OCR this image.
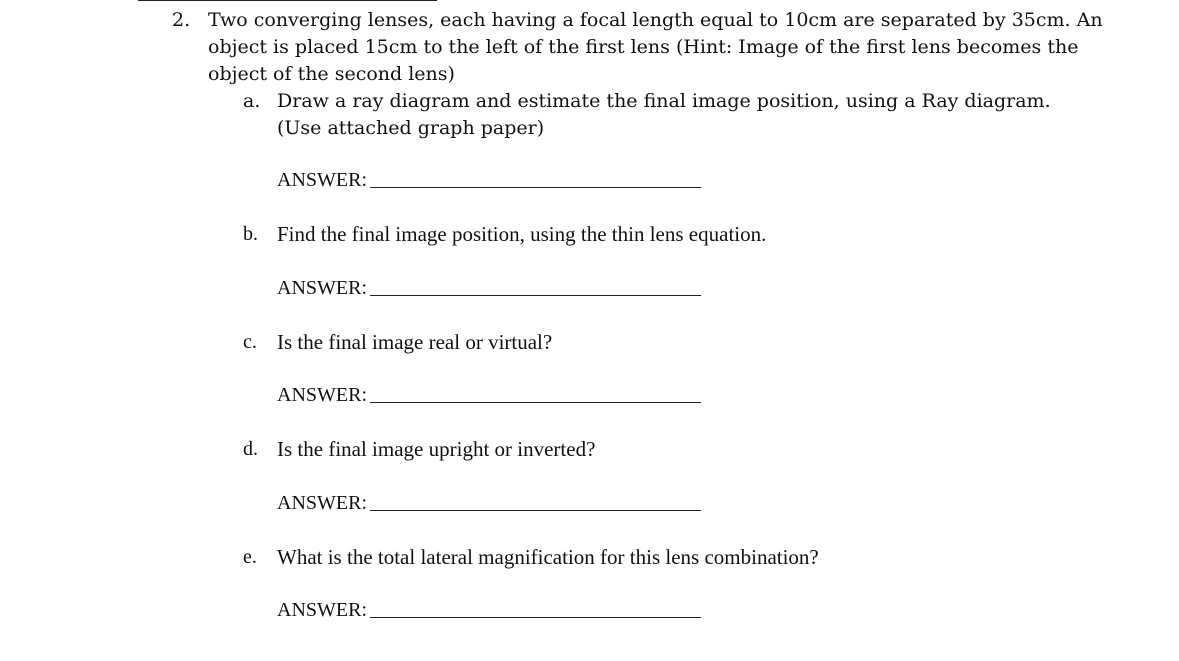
2. Two converging lenses, each having a focal length equal to 10cm are separated by 35cm. An
object is placed 15cm to the left of the first lens (Hint: Image of the first lens becomes the
object of the second lens)
a. Draw a ray diagram and estimate the final image position, using a Ray diagram.
(Use attached graph paper)
ANSWER:
b. Find the final image position, using the thin lens equation.
ANSWER:
c. Is the final image real or virtual?
ANSWER:
d. Is the final image upright or inverted?
ANSWER:
e. What is the total lateral magnification for this lens combination?
ANSWER:
